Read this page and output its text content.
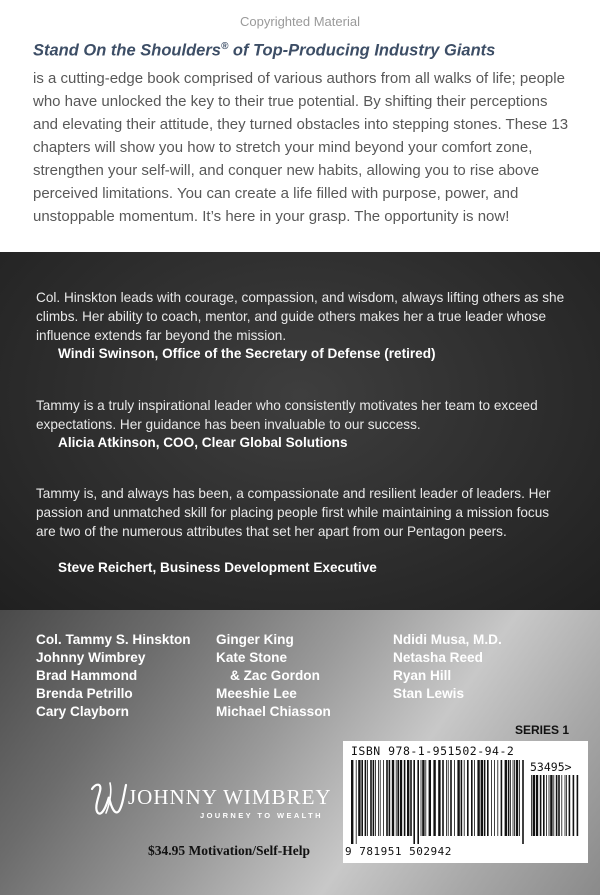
Copyrighted Material
Stand On the Shoulders® of Top-Producing Industry Giants
is a cutting-edge book comprised of various authors from all walks of life; people who have unlocked the key to their true potential. By shifting their perceptions and elevating their attitude, they turned obstacles into stepping stones. These 13 chapters will show you how to stretch your mind beyond your comfort zone, strengthen your self-will, and conquer new habits, allowing you to rise above perceived limitations. You can create a life filled with purpose, power, and unstoppable momentum. It’s here in your grasp. The opportunity is now!
Col. Hinskton leads with courage, compassion, and wisdom, always lifting others as she climbs. Her ability to coach, mentor, and guide others makes her a true leader whose influence extends far beyond the mission.
Windi Swinson, Office of the Secretary of Defense (retired)
Tammy is a truly inspirational leader who consistently motivates her team to exceed expectations. Her guidance has been invaluable to our success.
Alicia Atkinson, COO, Clear Global Solutions
Tammy is, and always has been, a compassionate and resilient leader of leaders. Her passion and unmatched skill for placing people first while maintaining a mission focus are two of the numerous attributes that set her apart from our Pentagon peers.
Steve Reichert, Business Development Executive
Col. Tammy S. Hinskton
Johnny Wimbrey
Brad Hammond
Brenda Petrillo
Cary Clayborn
Ginger King
Kate Stone
& Zac Gordon
Meeshie Lee
Michael Chiasson
Ndidi Musa, M.D.
Netasha Reed
Ryan Hill
Stan Lewis
SERIES 1
ISBN 978-1-951502-94-2
53495>
9 781951 502942
JOHNNY WIMBREY
JOURNEY TO WEALTH
$34.95 Motivation/Self-Help
